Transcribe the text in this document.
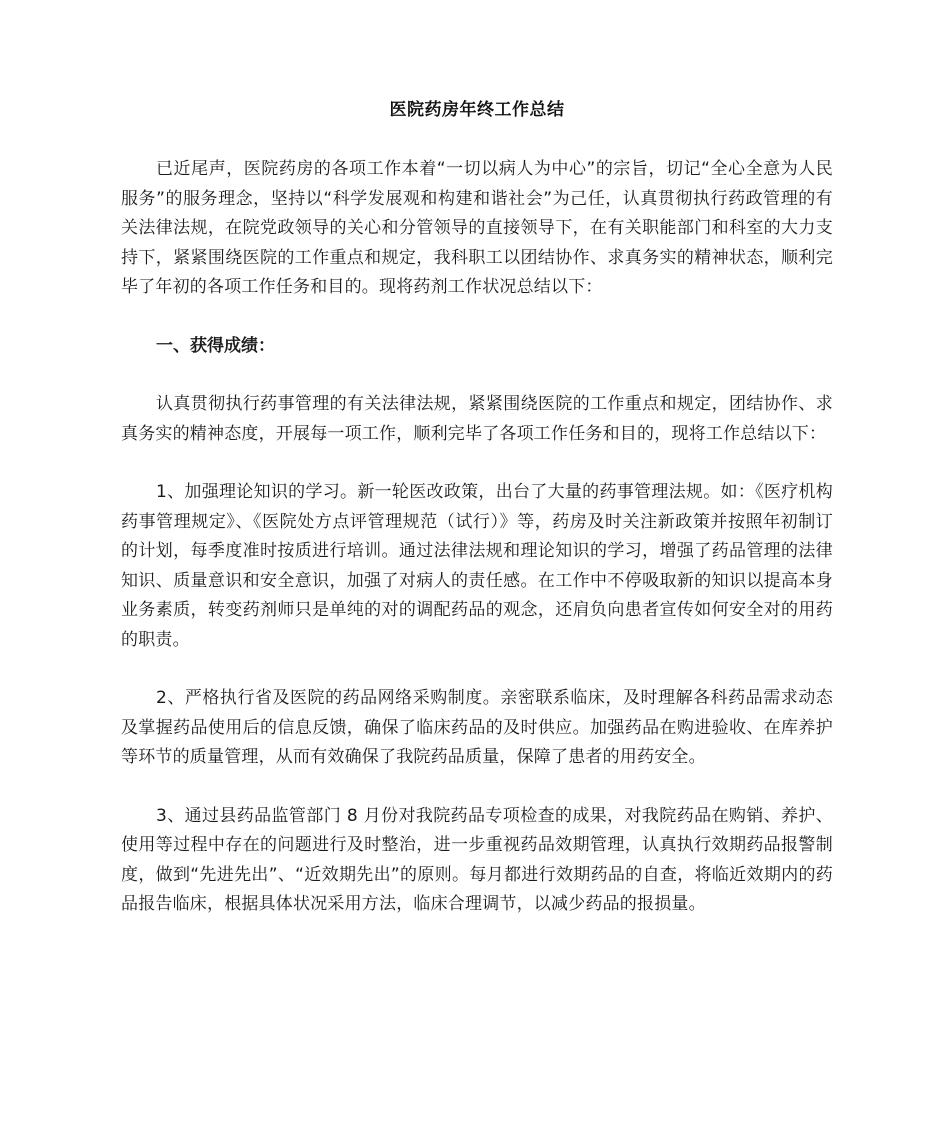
医院药房年终工作总结

已近尾声，医院药房的各项工作本着“一切以病人为中心”的宗旨，切记“全心全意为人民服务”的服务理念，坚持以“科学发展观和构建和谐社会”为己任，认真贯彻执行药政管理的有关法律法规，在院党政领导的关心和分管领导的直接领导下，在有关职能部门和科室的大力支持下，紧紧围绕医院的工作重点和规定，我科职工以团结协作、求真务实的精神状态，顺利完毕了年初的各项工作任务和目的。现将药剂工作状况总结以下：

一、获得成绩：

认真贯彻执行药事管理的有关法律法规，紧紧围绕医院的工作重点和规定，团结协作、求真务实的精神态度，开展每一项工作，顺利完毕了各项工作任务和目的，现将工作总结以下：

1、加强理论知识的学习。新一轮医改政策，出台了大量的药事管理法规。如：《医疗机构药事管理规定》、《医院处方点评管理规范（试行）》等，药房及时关注新政策并按照年初制订的计划，每季度准时按质进行培训。通过法律法规和理论知识的学习，增强了药品管理的法律知识、质量意识和安全意识，加强了对病人的责任感。在工作中不停吸取新的知识以提高本身业务素质，转变药剂师只是单纯的对的调配药品的观念，还肩负向患者宣传如何安全对的用药的职责。

2、严格执行省及医院的药品网络采购制度。亲密联系临床，及时理解各科药品需求动态及掌握药品使用后的信息反馈，确保了临床药品的及时供应。加强药品在购进验收、在库养护等环节的质量管理，从而有效确保了我院药品质量，保障了患者的用药安全。

3、通过县药品监管部门 8 月份对我院药品专项检查的成果，对我院药品在购销、养护、使用等过程中存在的问题进行及时整治，进一步重视药品效期管理，认真执行效期药品报警制度，做到“先进先出”、“近效期先出”的原则。每月都进行效期药品的自查，将临近效期内的药品报告临床，根据具体状况采用方法，临床合理调节，以减少药品的报损量。
